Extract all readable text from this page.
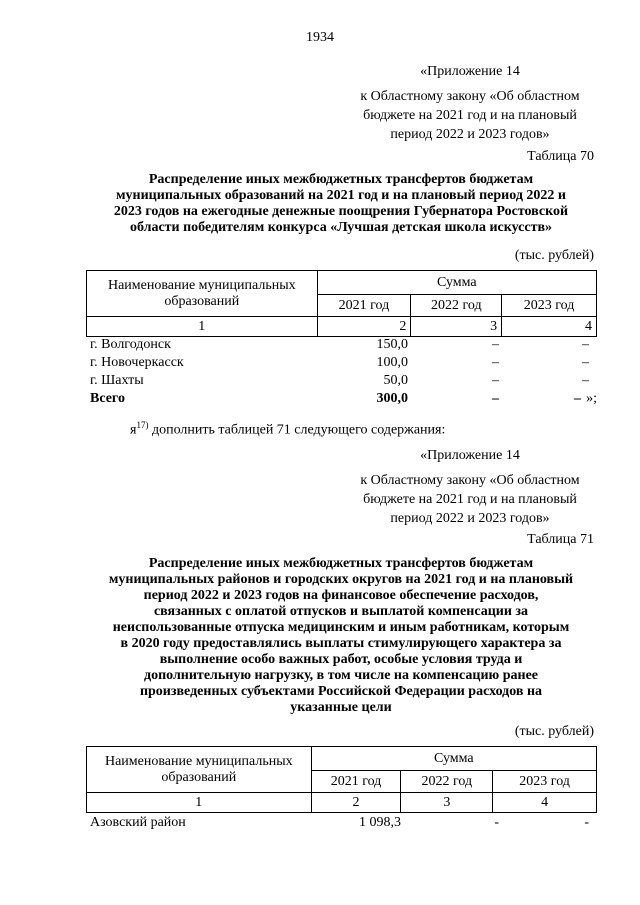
1934
«Приложение 14
к Областному закону «Об областном
бюджете на 2021 год и на плановый
период 2022 и 2023 годов»
Таблица 70
Распределение иных межбюджетных трансфертов бюджетам
муниципальных образований на 2021 год и на плановый период 2022 и
2023 годов на ежегодные денежные поощрения Губернатора Ростовской
области победителям конкурса «Лучшая детская школа искусств»
(тыс. рублей)
Наименование муниципальных
образований	Сумма		
	2021 год	2022 год	2023 год
1	2	3	4
г. Волгодонск	150,0	–	–
г. Новочеркасск	100,0	–	–
г. Шахты	50,0	–	–
Всего	300,0	–	– »;
$я^{17)}$ дополнить таблицей 71 следующего содержания:
«Приложение 14
к Областному закону «Об областном
бюджете на 2021 год и на плановый
период 2022 и 2023 годов»
Таблица 71
Распределение иных межбюджетных трансфертов бюджетам
муниципальных районов и городских округов на 2021 год и на плановый
период 2022 и 2023 годов на финансовое обеспечение расходов,
связанных с оплатой отпусков и выплатой компенсации за
неиспользованные отпуска медицинским и иным работникам, которым
в 2020 году предоставлялись выплаты стимулирующего характера за
выполнение особо важных работ, особые условия труда и
дополнительную нагрузку, в том числе на компенсацию ранее
произведенных субъектами Российской Федерации расходов на
указанные цели
(тыс. рублей)
Наименование муниципальных
образований	Сумма		
	2021 год	2022 год	2023 год
1	2	3	4
Азовский район	1 098,3	-	-
